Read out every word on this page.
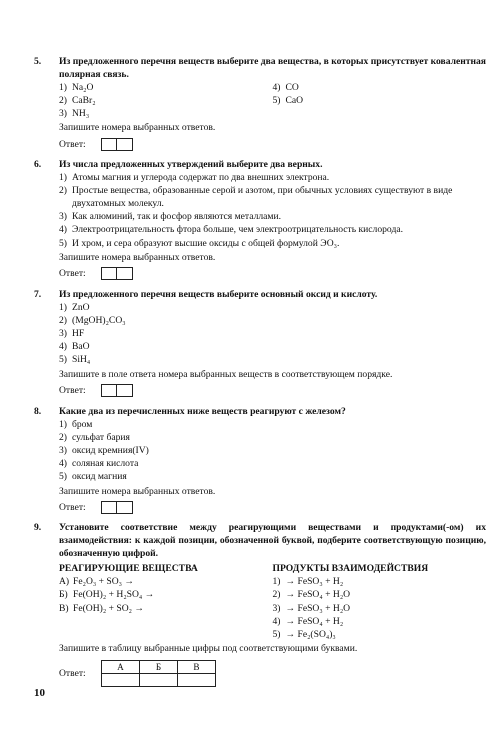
5.	Из предложенного перечня веществ выберите два вещества, в которых присутствует ковалентная полярная связь.
1) Na₂O
2) CaBr₂
3) NH₃
4) CO
5) CaO
Запишите номера выбранных ответов.
Ответ:
6.	Из числа предложенных утверждений выберите два верных.
1) Атомы магния и углерода содержат по два внешних электрона.
2) Простые вещества, образованные серой и азотом, при обычных условиях существуют в виде двухатомных молекул.
3) Как алюминий, так и фосфор являются металлами.
4) Электроотрицательность фтора больше, чем электроотрицательность кислорода.
5) И хром, и сера образуют высшие оксиды с общей формулой ЭО₃.
Запишите номера выбранных ответов.
Ответ:
7.	Из предложенного перечня веществ выберите основный оксид и кислоту.
1) ZnO
2) (MgOH)₂CO₃
3) HF
4) BaO
5) SiH₄
Запишите в поле ответа номера выбранных веществ в соответствующем порядке.
Ответ:
8.	Какие два из перечисленных ниже веществ реагируют с железом?
1) бром
2) сульфат бария
3) оксид кремния(IV)
4) соляная кислота
5) оксид магния
Запишите номера выбранных ответов.
Ответ:
9.	Установите соответствие между реагирующими веществами и продуктами(-ом) их взаимодействия: к каждой позиции, обозначенной буквой, подберите соответствующую позицию, обозначенную цифрой.
РЕАГИРУЮЩИЕ ВЕЩЕСТВА
А) Fe₂O₃ + SO₃ →
Б) Fe(OH)₂ + H₂SO₄ →
В) Fe(OH)₂ + SO₂ →
ПРОДУКТЫ ВЗАИМОДЕЙСТВИЯ
1) → FeSO₃ + H₂
2) → FeSO₄ + H₂O
3) → FeSO₃ + H₂O
4) → FeSO₄ + H₂
5) → Fe₂(SO₄)₃
Запишите в таблицу выбранные цифры под соответствующими буквами.
Ответ:
А	Б	В

10
